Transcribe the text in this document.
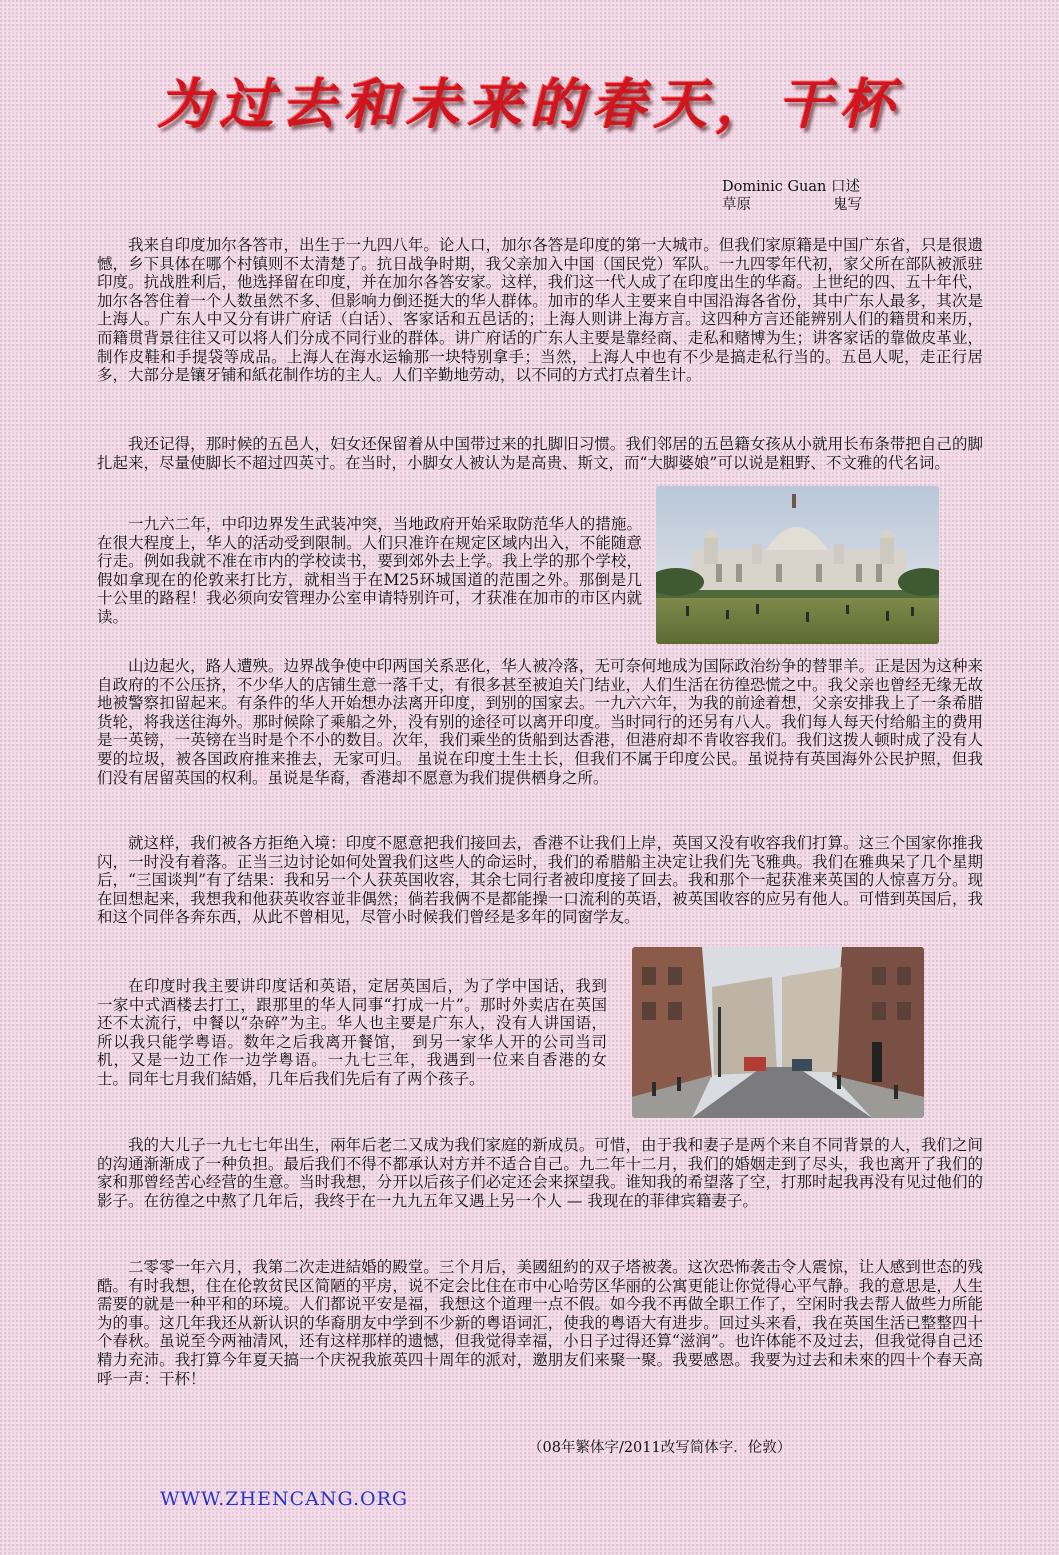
为过去和未来的春天，干杯
Dominic Guan 口述
草原	鬼写

我来自印度加尔各答市，出生于一九四八年。论人口，加尔各答是印度的第一大城市。但我们家原籍是中国广东省，只是很遗憾，乡下具体在哪个村镇则不太清楚了。抗日战争时期，我父亲加入中国（国民党）军队。一九四零年代初，家父所在部队被派驻印度。抗战胜利后，他选择留在印度，并在加尔各答安家。这样，我们这一代人成了在印度出生的华裔。上世纪的四、五十年代，加尔各答住着一个人数虽然不多、但影响力倒还挺大的华人群体。加市的华人主要来自中国沿海各省份，其中广东人最多，其次是上海人。广东人中又分有讲广府话（白话）、客家话和五邑话的；上海人则讲上海方言。这四种方言还能辨别人们的籍贯和来历，而籍贯背景往往又可以将人们分成不同行业的群体。讲广府话的广东人主要是靠经商、走私和赌博为生；讲客家话的靠做皮革业，制作皮鞋和手提袋等成品。上海人在海水运输那一块特别拿手；当然，上海人中也有不少是搞走私行当的。五邑人呢，走正行居多，大部分是镶牙铺和紙花制作坊的主人。人们辛勤地劳动，以不同的方式打点着生计。

我还记得，那时候的五邑人，妇女还保留着从中国带过来的扎脚旧习惯。我们邻居的五邑籍女孩从小就用长布条带把自己的脚扎起来，尽量使脚长不超过四英寸。在当时，小脚女人被认为是高贵、斯文，而“大脚婆娘”可以说是粗野、不文雅的代名词。

一九六二年，中印边界发生武装冲突，当地政府开始采取防范华人的措施。在很大程度上，华人的活动受到限制。人们只准许在规定区域内出入，不能随意行走。例如我就不准在市内的学校读书，要到郊外去上学。我上学的那个学校，假如拿现在的伦敦来打比方，就相当于在M25环城国道的范围之外。那倒是几十公里的路程！我必须向安管理办公室申请特别许可，才获准在加市的市区内就读。

山边起火，路人遭殃。边界战争使中印两国关系恶化，华人被冷落，无可奈何地成为国际政治纷争的替罪羊。正是因为这种来自政府的不公压挤，不少华人的店铺生意一落千丈，有很多甚至被迫关门结业，人们生活在彷徨恐慌之中。我父亲也曾经无缘无故地被警察扣留起来。有条件的华人开始想办法离开印度，到别的国家去。一九六六年，为我的前途着想，父亲安排我上了一条希腊货轮，将我送往海外。那时候除了乘船之外，没有别的途径可以离开印度。当时同行的还另有八人。我们每人每天付给船主的费用是一英镑，一英镑在当时是个不小的数目。次年，我们乘坐的货船到达香港，但港府却不肯收容我们。我们这拨人顿时成了没有人要的垃圾，被各国政府推来推去，无家可归。 虽说在印度土生土长，但我们不属于印度公民。虽说持有英国海外公民护照，但我们没有居留英国的权利。虽说是华裔，香港却不愿意为我们提供栖身之所。

就这样，我们被各方拒绝入境：印度不愿意把我们接回去，香港不让我们上岸，英国又没有收容我们打算。这三个国家你推我闪，一时没有着落。正当三边讨论如何处置我们这些人的命运时，我们的希腊船主决定让我们先飞雅典。我们在雅典呆了几个星期后，“三国谈判”有了结果：我和另一个人获英国收容，其余七同行者被印度接了回去。我和那个一起获准来英国的人惊喜万分。现在回想起来，我想我和他获英收容並非偶然；倘若我俩不是都能操一口流利的英语，被英国收容的应另有他人。可惜到英国后，我和这个同伴各奔东西，从此不曾相见，尽管小时候我们曾经是多年的同窗学友。

在印度时我主要讲印度话和英语，定居英国后，为了学中国话，我到一家中式酒楼去打工，跟那里的华人同事“打成一片”。那时外卖店在英国还不太流行，中餐以“杂碎”为主。华人也主要是广东人，没有人讲国语，所以我只能学粤语。数年之后我离开餐馆， 到另一家华人开的公司当司机，又是一边工作一边学粤语。一九七三年，我遇到一位来自香港的女士。同年七月我们結婚，几年后我们先后有了两个孩子。

我的大儿子一九七七年出生，兩年后老二又成为我们家庭的新成员。可惜，由于我和妻子是两个来自不同背景的人，我们之间的沟通渐渐成了一种负担。最后我们不得不都承认对方并不适合自己。九二年十二月，我们的婚姻走到了尽头，我也离开了我们的家和那曾经苦心经营的生意。当时我想，分开以后孩子们必定还会来探望我。谁知我的希望落了空，打那时起我再没有见过他们的影子。在彷徨之中熬了几年后，我终于在一九九五年又遇上另一个人 — 我现在的菲律宾籍妻子。

二零零一年六月，我第二次走进結婚的殿堂。三个月后，美國紐約的双子塔被袭。这次恐怖袭击令人震惊，让人感到世态的残酷。有时我想，住在伦敦贫民区简陋的平房，说不定会比住在市中心哈劳区华丽的公寓更能让你觉得心平气静。我的意思是，人生需要的就是一种平和的环境。人们都说平安是福，我想这个道理一点不假。如今我不再做全职工作了，空闲时我去帮人做些力所能为的事。这几年我还从新认识的华裔朋友中学到不少新的粤语词汇，使我的粤语大有进步。回过头来看，我在英国生活已整整四十个春秋。虽说至今两袖清风，还有这样那样的遗憾，但我觉得幸福，小日子过得还算“滋润”。也许体能不及过去，但我觉得自己还精力充沛。我打算今年夏天搞一个庆祝我旅英四十周年的派对，邀朋友们来聚一聚。我要感恩。我要为过去和未來的四十个春天高呼一声：干杯！

（08年繁体字/2011改写简体字．伦敦）
WWW.ZHENCANG.ORG
